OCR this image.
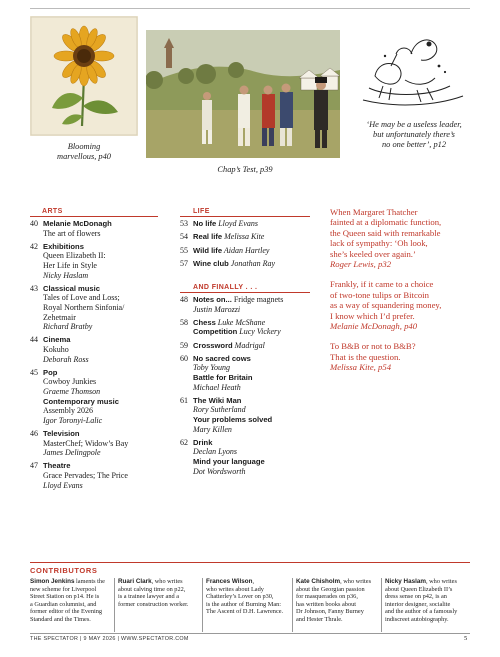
Blooming
marvellous, p40
Chap’s Test, p39
‘He may be a useless leader,
but unfortunately there’s
no one better’, p12
ARTS
40 Melanie McDonagh
The art of flowers
42 Exhibitions
Queen Elizabeth II:
Her Life in Style
Nicky Haslam
43 Classical music
Tales of Love and Loss;
Royal Northern Sinfonia/
Zehetmair
Richard Bratby
44 Cinema
Kokuho
Deborah Ross
45 Pop
Cowboy Junkies
Graeme Thomson
Contemporary music
Assembly 2026
Igor Toronyi-Lalic
46 Television
MasterChef; Widow’s Bay
James Delingpole
47 Theatre
Grace Pervades; The Price
Lloyd Evans
LIFE
53 No life Lloyd Evans
54 Real life Melissa Kite
55 Wild life Aidan Hartley
57 Wine club Jonathan Ray
AND FINALLY . . .
48 Notes on... Fridge magnets
Justin Marozzi
58 Chess Luke McShane
Competition Lucy Vickery
59 Crossword Madrigal
60 No sacred cows
Toby Young
Battle for Britain
Michael Heath
61 The Wiki Man
Rory Sutherland
Your problems solved
Mary Killen
62 Drink
Declan Lyons
Mind your language
Dot Wordsworth

When Margaret Thatcher
fainted at a diplomatic function,
the Queen said with remarkable
lack of sympathy: ‘Oh look,
she’s keeled over again.’
Roger Lewis, p32

Frankly, if it came to a choice
of two-tone tulips or Bitcoin
as a way of squandering money,
I know which I’d prefer.
Melanie McDonagh, p40

To B&B or not to B&B?
That is the question.
Melissa Kite, p54

CONTRIBUTORS
Simon Jenkins laments the
new scheme for Liverpool
Street Station on p14. He is
a Guardian columnist, and
former editor of the Evening
Standard and the Times.
Ruari Clark, who writes
about calving time on p22,
is a trainee lawyer and a
former construction worker.
Frances Wilson,
who writes about Lady
Chatterley’s Lover on p30,
is the author of Burning Man:
The Ascent of D.H. Lawrence.
Kate Chisholm, who writes
about the Georgian passion
for masquerades on p36,
has written books about
Dr Johnson, Fanny Burney
and Hester Thrale.
Nicky Haslam, who writes
about Queen Elizabeth II’s
dress sense on p42, is an
interior designer, socialite
and the author of a famously
indiscreet autobiography.
THE SPECTATOR | 9 MAY 2026 | WWW.SPECTATOR.COM	5
